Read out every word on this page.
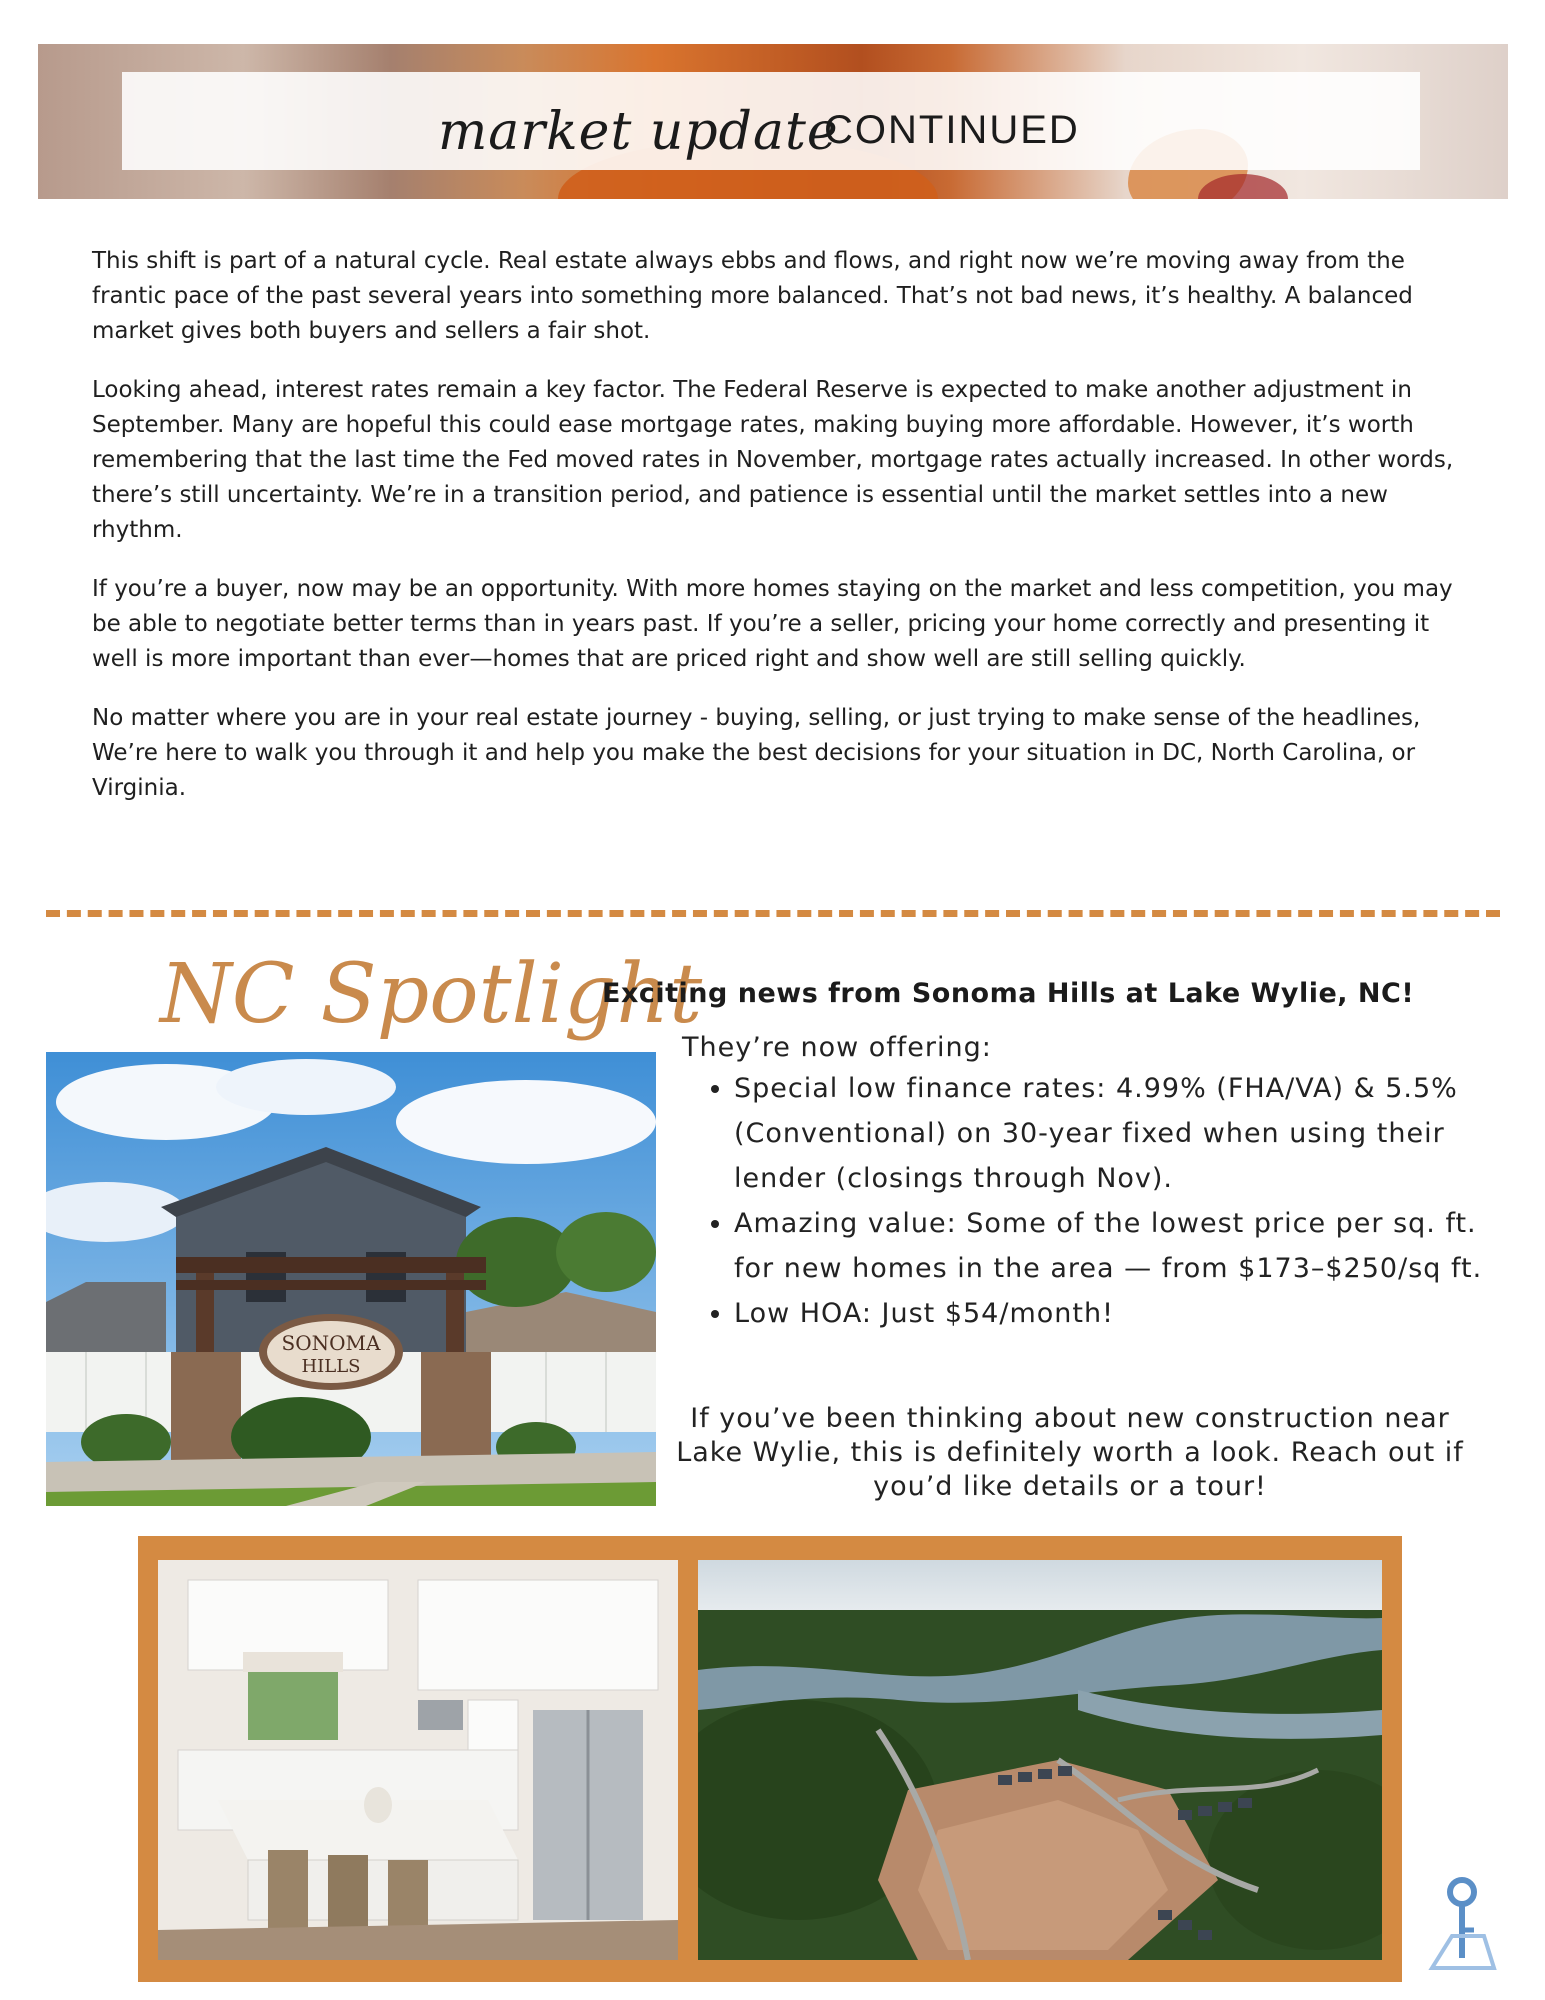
market update
CONTINUED

This shift is part of a natural cycle. Real estate always ebbs and flows, and right now we’re moving away from the frantic pace of the past several years into something more balanced. That’s not bad news, it’s healthy. A balanced market gives both buyers and sellers a fair shot.

Looking ahead, interest rates remain a key factor. The Federal Reserve is expected to make another adjustment in September. Many are hopeful this could ease mortgage rates, making buying more affordable. However, it’s worth remembering that the last time the Fed moved rates in November, mortgage rates actually increased. In other words, there’s still uncertainty. We’re in a transition period, and patience is essential until the market settles into a new rhythm.

If you’re a buyer, now may be an opportunity. With more homes staying on the market and less competition, you may be able to negotiate better terms than in years past. If you’re a seller, pricing your home correctly and presenting it well is more important than ever—homes that are priced right and show well are still selling quickly.

No matter where you are in your real estate journey - buying, selling, or just trying to make sense of the headlines, We’re here to walk you through it and help you make the best decisions for your situation in DC, North Carolina, or Virginia.

NC Spotlight
Exciting news from Sonoma Hills at Lake Wylie, NC!
They’re now offering:
• Special low finance rates: 4.99% (FHA/VA) & 5.5% (Conventional) on 30-year fixed when using their lender (closings through Nov).
• Amazing value: Some of the lowest price per sq. ft. for new homes in the area — from $173–$250/sq ft.
• Low HOA: Just $54/month!
If you’ve been thinking about new construction near Lake Wylie, this is definitely worth a look. Reach out if you’d like details or a tour!
SONOMA
HILLS
